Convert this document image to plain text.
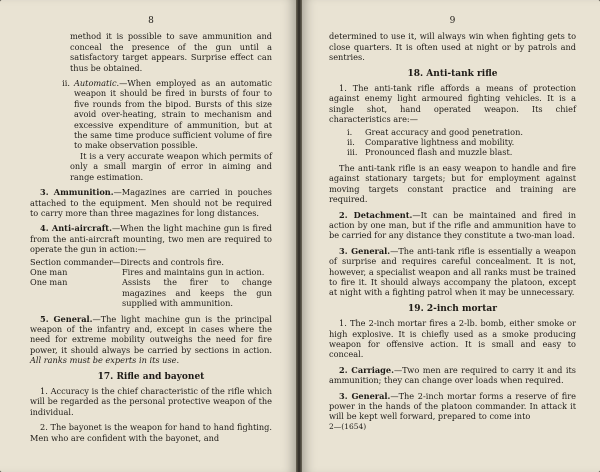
8

method it is possible to save ammunition and conceal the presence of the gun until a satisfactory target appears. Surprise effect can thus be obtained.

ii. Automatic.—When employed as an automatic weapon it should be fired in bursts of four to five rounds from the bipod. Bursts of this size avoid over-heating, strain to mechanism and excessive expenditure of ammunition, but at the same time produce sufficient volume of fire to make observation possible.

It is a very accurate weapon which permits of only a small margin of error in aiming and range estimation.

3. Ammunition.—Magazines are carried in pouches attached to the equipment. Men should not be required to carry more than three magazines for long distances.

4. Anti-aircraft.—When the light machine gun is fired from the anti-aircraft mounting, two men are required to operate the gun in action:—

Section commander —Directs and controls fire.
One man	Fires and maintains gun in action.
One man	Assists the firer to change magazines and keeps the gun supplied with ammunition.

5. General.—The light machine gun is the principal weapon of the infantry and, except in cases where the need for extreme mobility outweighs the need for fire power, it should always be carried by sections in action. All ranks must be experts in its use.

17. Rifle and bayonet

1. Accuracy is the chief characteristic of the rifle which will be regarded as the personal protective weapon of the individual.

2. The bayonet is the weapon for hand to hand fighting. Men who are confident with the bayonet, and

9

determined to use it, will always win when fighting gets to close quarters. It is often used at night or by patrols and sentries.

18. Anti-tank rifle

1. The anti-tank rifle affords a means of protection against enemy light armoured fighting vehicles. It is a single shot, hand operated weapon. Its chief characteristics are:—

i.	Great accuracy and good penetration.
ii.	Comparative lightness and mobility.
iii. Pronounced flash and muzzle blast.

The anti-tank rifle is an easy weapon to handle and fire against stationary targets; but for employment against moving targets constant practice and training are required.

2. Detachment.—It can be maintained and fired in action by one man, but if the rifle and ammunition have to be carried for any distance they constitute a two-man load.

3. General.—The anti-tank rifle is essentially a weapon of surprise and requires careful concealment. It is not, however, a specialist weapon and all ranks must be trained to fire it. It should always accompany the platoon, except at night with a fighting patrol when it may be unnecessary.

19. 2-inch mortar

1. The 2-inch mortar fires a 2-lb. bomb, either smoke or high explosive. It is chiefly used as a smoke producing weapon for offensive action. It is small and easy to conceal.

2. Carriage.—Two men are required to carry it and its ammunition; they can change over loads when required.

3. General.—The 2-inch mortar forms a reserve of fire power in the hands of the platoon commander. In attack it will be kept well forward, prepared to come into

2—(1654)
